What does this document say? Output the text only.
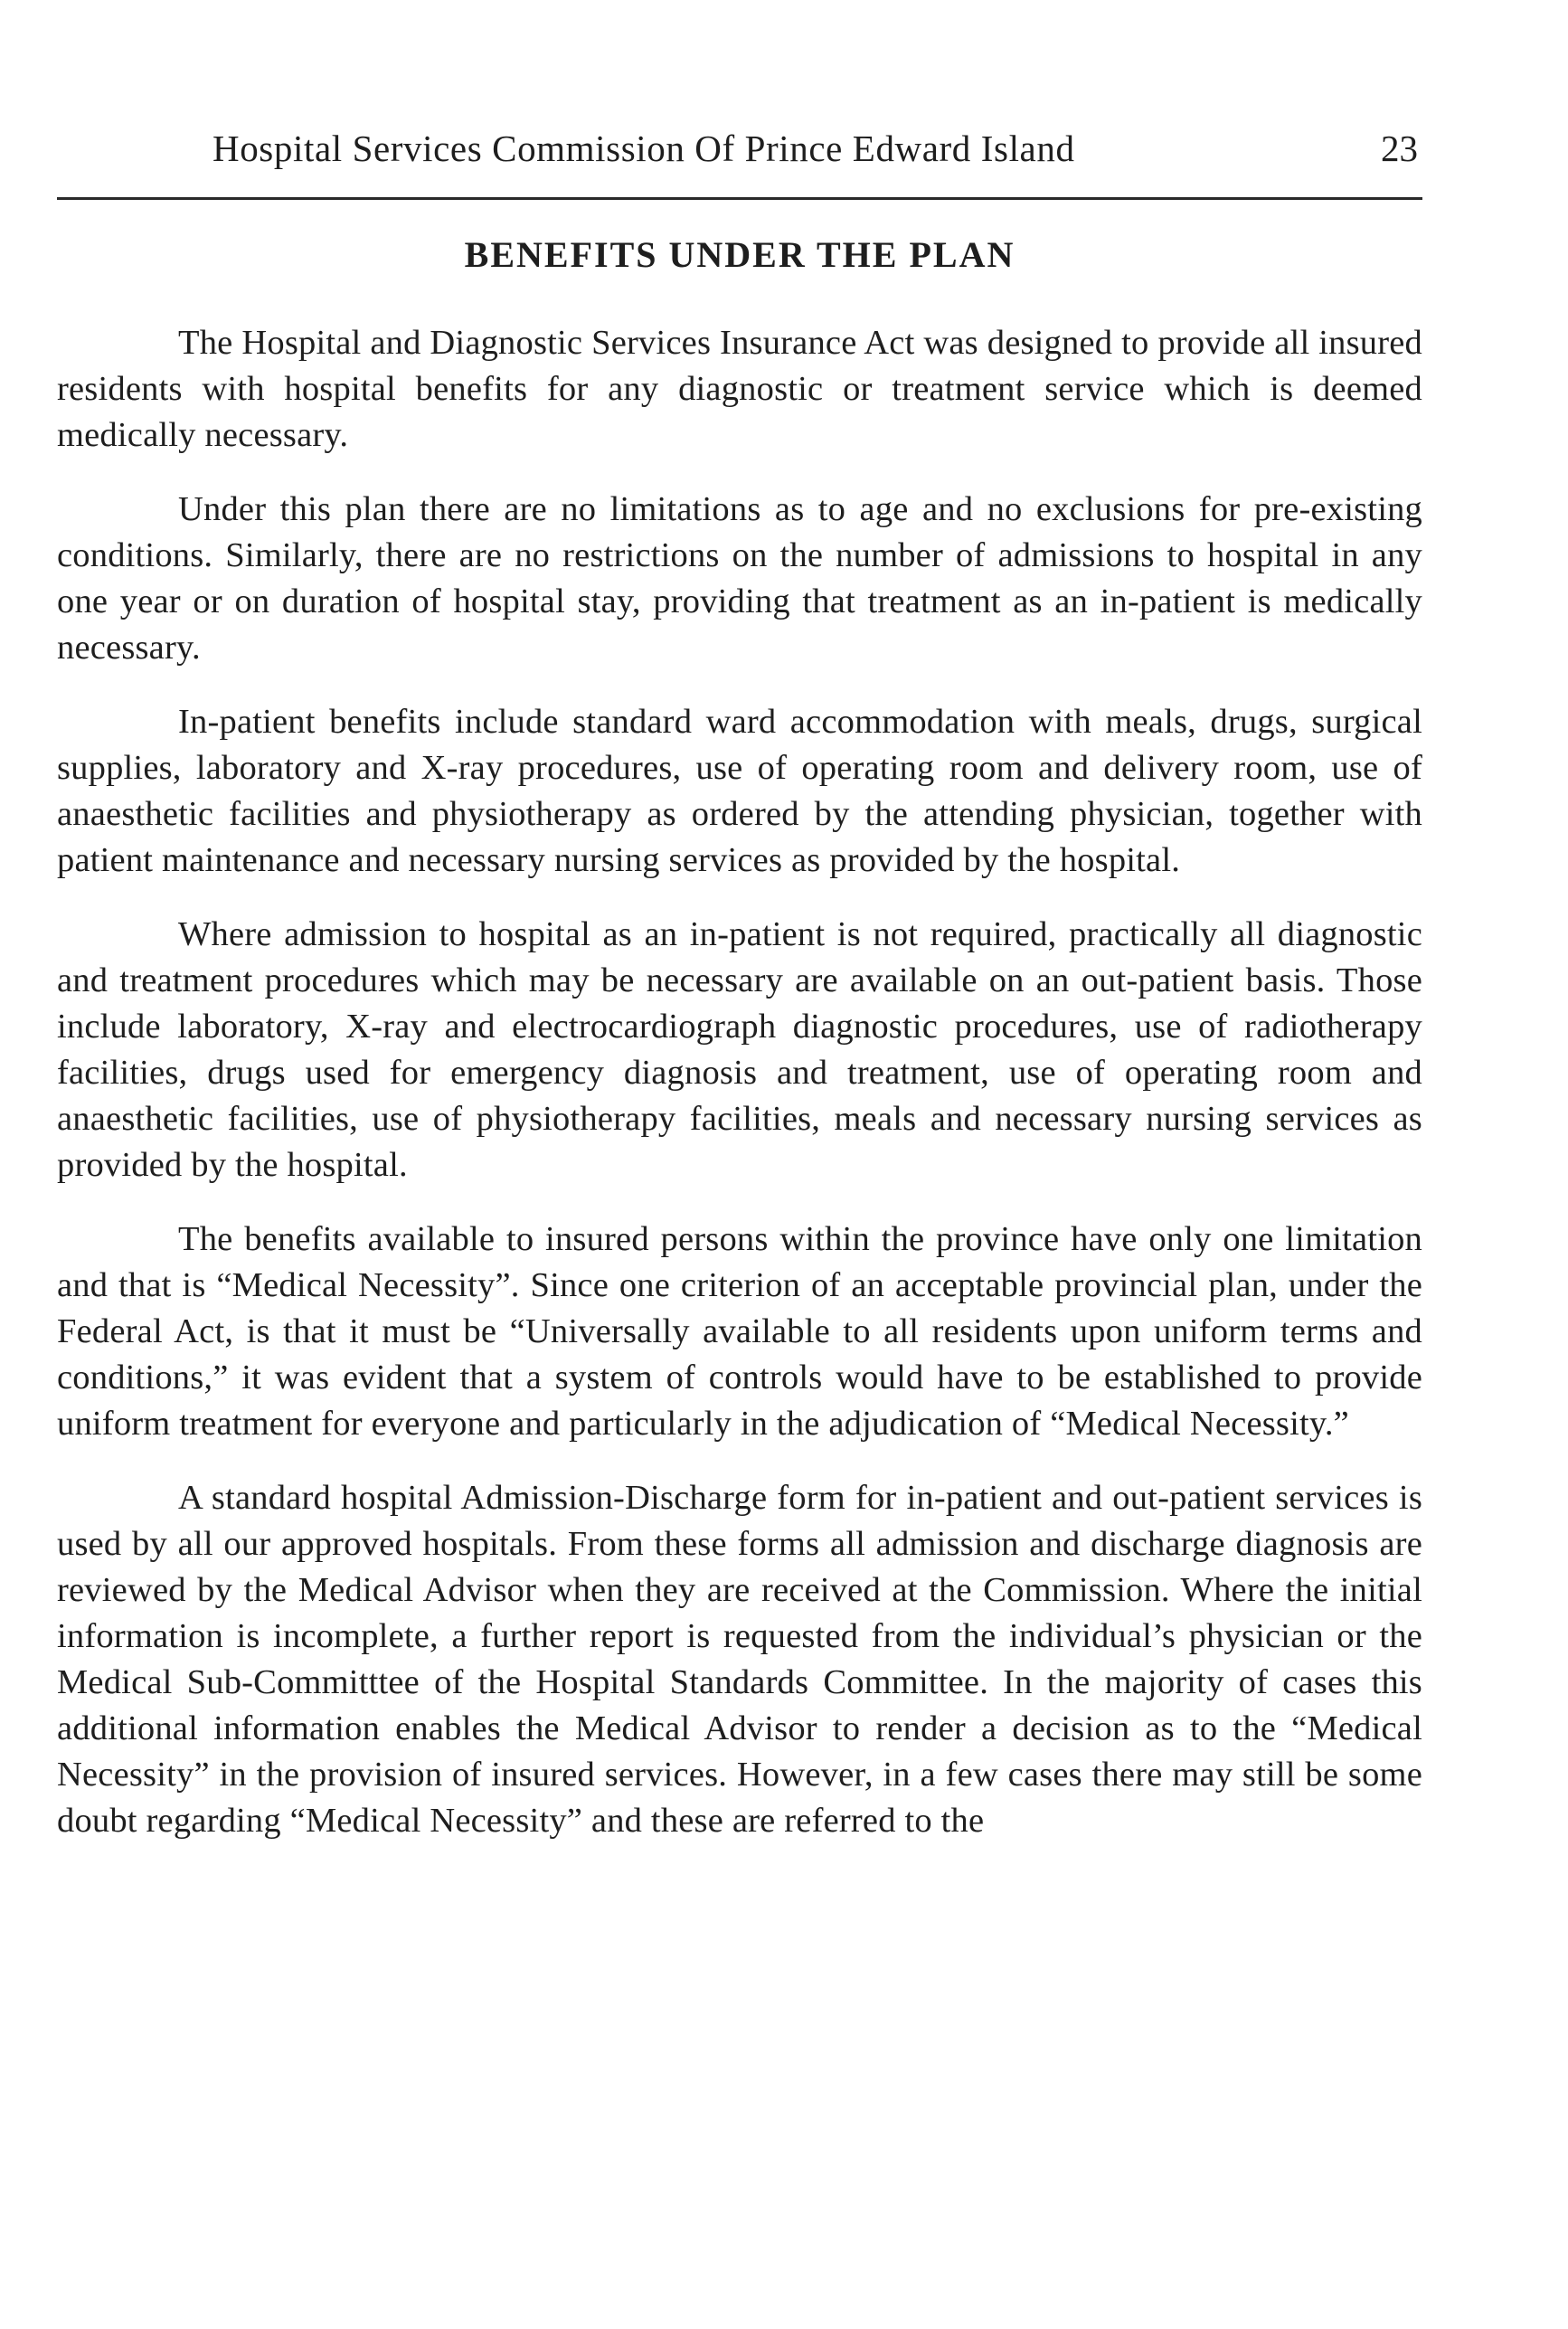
Hospital Services Commission Of Prince Edward Island	23
BENEFITS UNDER THE PLAN

The Hospital and Diagnostic Services Insurance Act was designed to provide all insured residents with hospital benefits for any diagnostic or treatment service which is deemed medically necessary.

Under this plan there are no limitations as to age and no exclusions for pre-existing conditions. Similarly, there are no restrictions on the number of admissions to hospital in any one year or on duration of hospital stay, providing that treatment as an in-patient is medically necessary.

In-patient benefits include standard ward accommodation with meals, drugs, surgical supplies, laboratory and X-ray procedures, use of operating room and delivery room, use of anaesthetic facilities and physiotherapy as ordered by the attending physician, together with patient maintenance and necessary nursing services as provided by the hospital.

Where admission to hospital as an in-patient is not required, practically all diagnostic and treatment procedures which may be necessary are available on an out-patient basis. Those include laboratory, X-ray and electrocardiograph diagnostic procedures, use of radiotherapy facilities, drugs used for emergency diagnosis and treatment, use of operating room and anaesthetic facilities, use of physiotherapy facilities, meals and necessary nursing services as provided by the hospital.

The benefits available to insured persons within the province have only one limitation and that is “Medical Necessity”. Since one criterion of an acceptable provincial plan, under the Federal Act, is that it must be “Universally available to all residents upon uniform terms and conditions,” it was evident that a system of controls would have to be established to provide uniform treatment for everyone and particularly in the adjudication of “Medical Necessity.”

A standard hospital Admission-Discharge form for in-patient and out-patient services is used by all our approved hospitals. From these forms all admission and discharge diagnosis are reviewed by the Medical Advisor when they are received at the Commission. Where the initial information is incomplete, a further report is requested from the individual’s physician or the Medical Sub-Committtee of the Hospital Standards Committee. In the majority of cases this additional information enables the Medical Advisor to render a decision as to the “Medical Necessity” in the provision of insured services. However, in a few cases there may still be some doubt regarding “Medical Necessity” and these are referred to the
